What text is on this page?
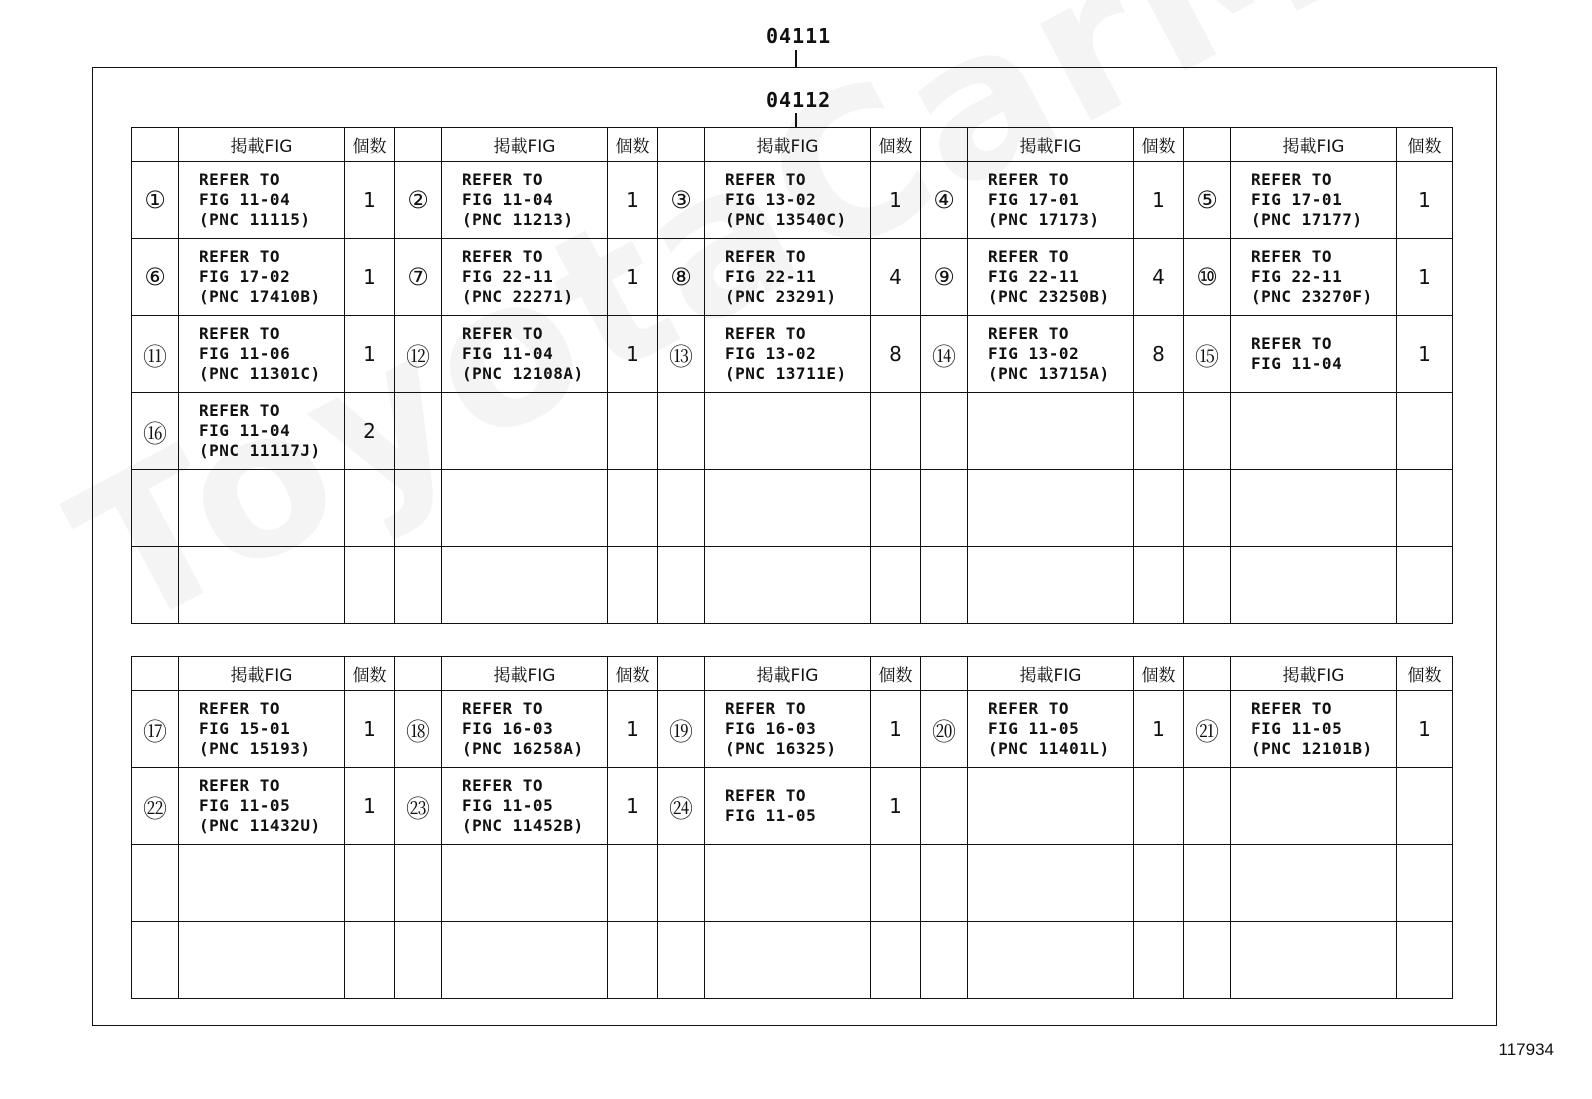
04111
04112
	掲載FIG	個数		掲載FIG	個数		掲載FIG	個数		掲載FIG	個数		掲載FIG	個数
①	REFER TO
FIG 11-04
(PNC 11115)	1	②	REFER TO
FIG 11-04
(PNC 11213)	1	③	REFER TO
FIG 13-02
(PNC 13540C)	1	④	REFER TO
FIG 17-01
(PNC 17173)	1	⑤	REFER TO
FIG 17-01
(PNC 17177)	1
⑥	REFER TO
FIG 17-02
(PNC 17410B)	1	⑦	REFER TO
FIG 22-11
(PNC 22271)	1	⑧	REFER TO
FIG 22-11
(PNC 23291)	4	⑨	REFER TO
FIG 22-11
(PNC 23250B)	4	⑩	REFER TO
FIG 22-11
(PNC 23270F)	1
⑪	REFER TO
FIG 11-06
(PNC 11301C)	1	⑫	REFER TO
FIG 11-04
(PNC 12108A)	1	⑬	REFER TO
FIG 13-02
(PNC 13711E)	8	⑭	REFER TO
FIG 13-02
(PNC 13715A)	8	⑮	REFER TO
FIG 11-04	1
⑯	REFER TO
FIG 11-04
(PNC 11117J)	2												

	掲載FIG	個数		掲載FIG	個数		掲載FIG	個数		掲載FIG	個数		掲載FIG	個数
⑰	REFER TO
FIG 15-01
(PNC 15193)	1	⑱	REFER TO
FIG 16-03
(PNC 16258A)	1	⑲	REFER TO
FIG 16-03
(PNC 16325)	1	⑳	REFER TO
FIG 11-05
(PNC 11401L)	1	㉑	REFER TO
FIG 11-05
(PNC 12101B)	1
㉒	REFER TO
FIG 11-05
(PNC 11432U)	1	㉓	REFER TO
FIG 11-05
(PNC 11452B)	1	㉔	REFER TO
FIG 11-05	1						

117934
